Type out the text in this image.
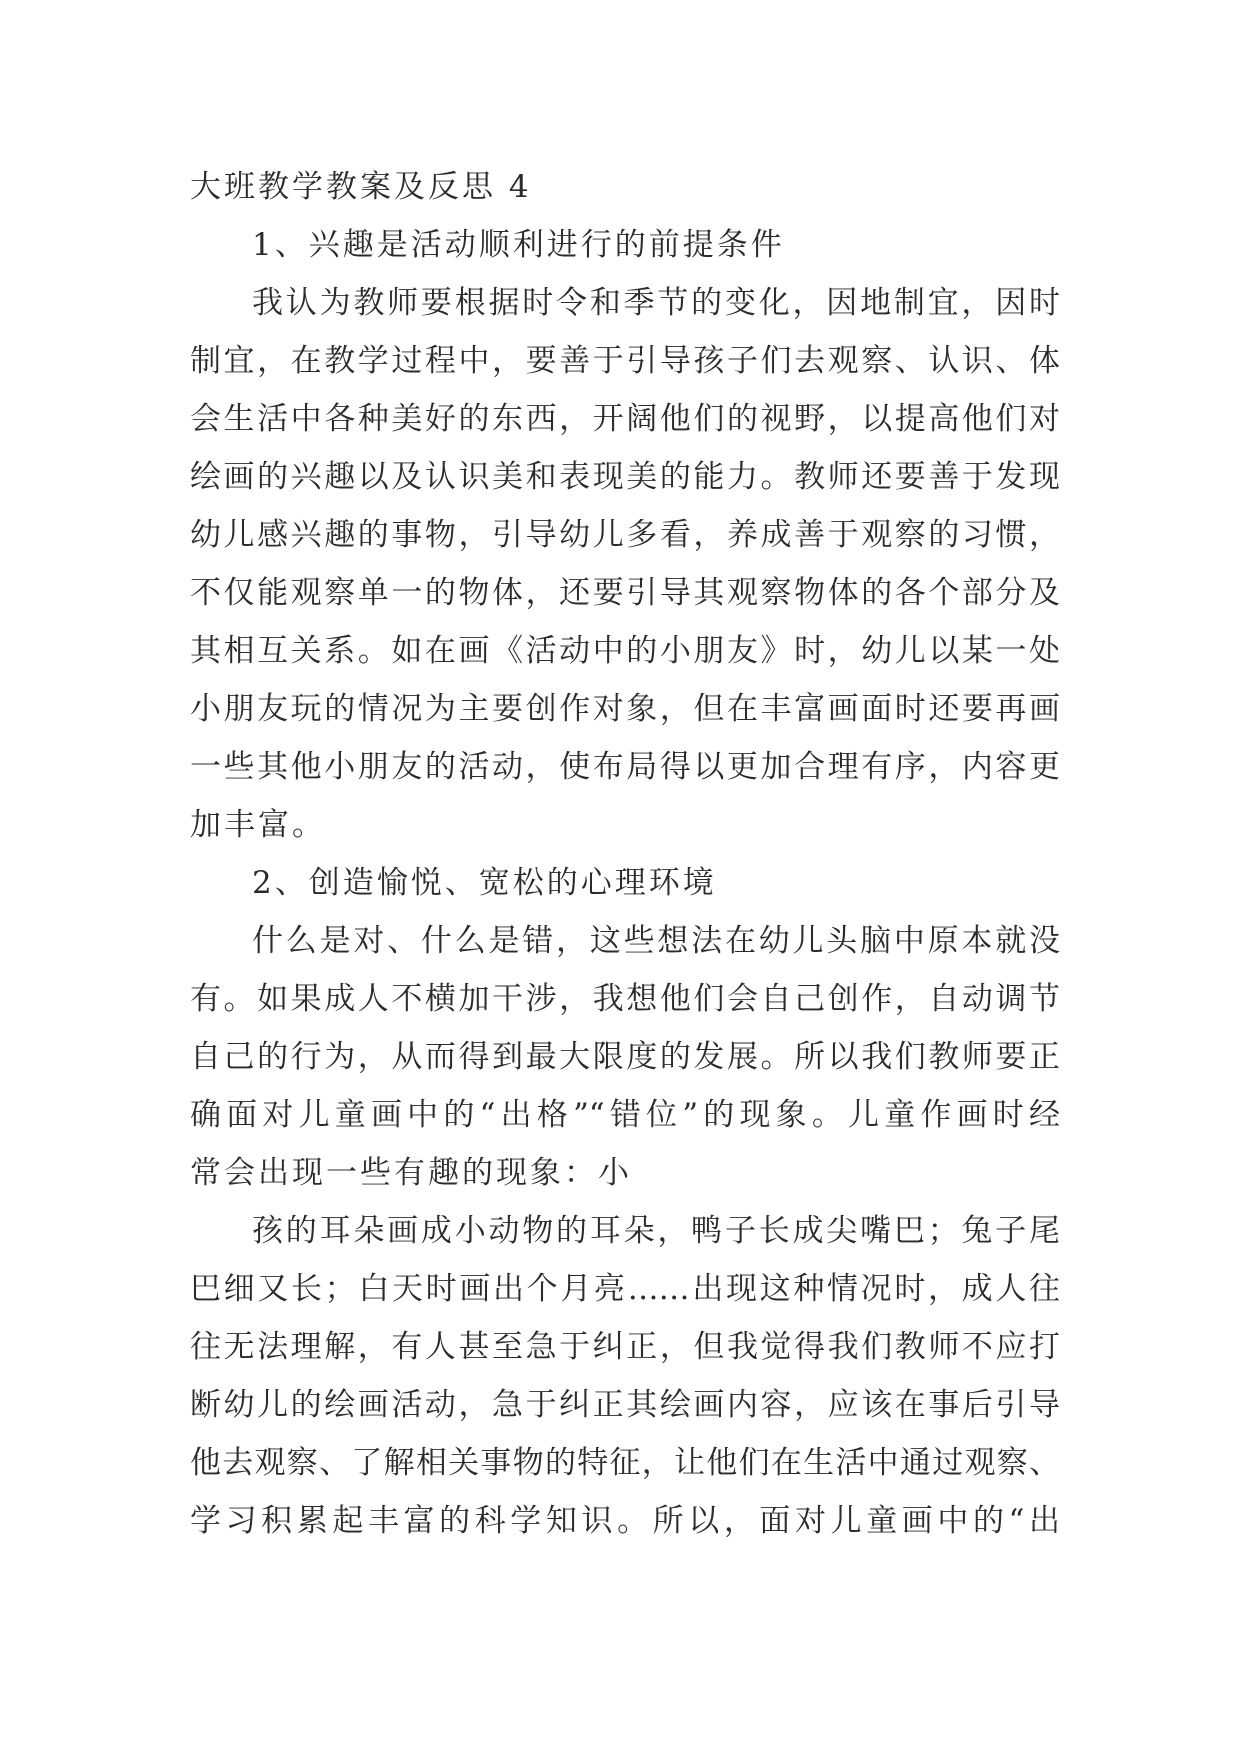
大班教学教案及反思 4
1、兴趣是活动顺利进行的前提条件
我认为教师要根据时令和季节的变化，因地制宜，因时
制宜，在教学过程中，要善于引导孩子们去观察、认识、体
会生活中各种美好的东西，开阔他们的视野，以提高他们对
绘画的兴趣以及认识美和表现美的能力。教师还要善于发现
幼儿感兴趣的事物，引导幼儿多看，养成善于观察的习惯，
不仅能观察单一的物体，还要引导其观察物体的各个部分及
其相互关系。如在画《活动中的小朋友》时，幼儿以某一处
小朋友玩的情况为主要创作对象，但在丰富画面时还要再画
一些其他小朋友的活动，使布局得以更加合理有序，内容更
加丰富。
2、创造愉悦、宽松的心理环境
什么是对、什么是错，这些想法在幼儿头脑中原本就没
有。如果成人不横加干涉，我想他们会自己创作，自动调节
自己的行为，从而得到最大限度的发展。所以我们教师要正
确面对儿童画中的“出格”“错位”的现象。儿童作画时经
常会出现一些有趣的现象：小
孩的耳朵画成小动物的耳朵，鸭子长成尖嘴巴；兔子尾
巴细又长；白天时画出个月亮……出现这种情况时，成人往
往无法理解，有人甚至急于纠正，但我觉得我们教师不应打
断幼儿的绘画活动，急于纠正其绘画内容，应该在事后引导
他去观察、了解相关事物的特征，让他们在生活中通过观察、
学习积累起丰富的科学知识。所以，面对儿童画中的“出
